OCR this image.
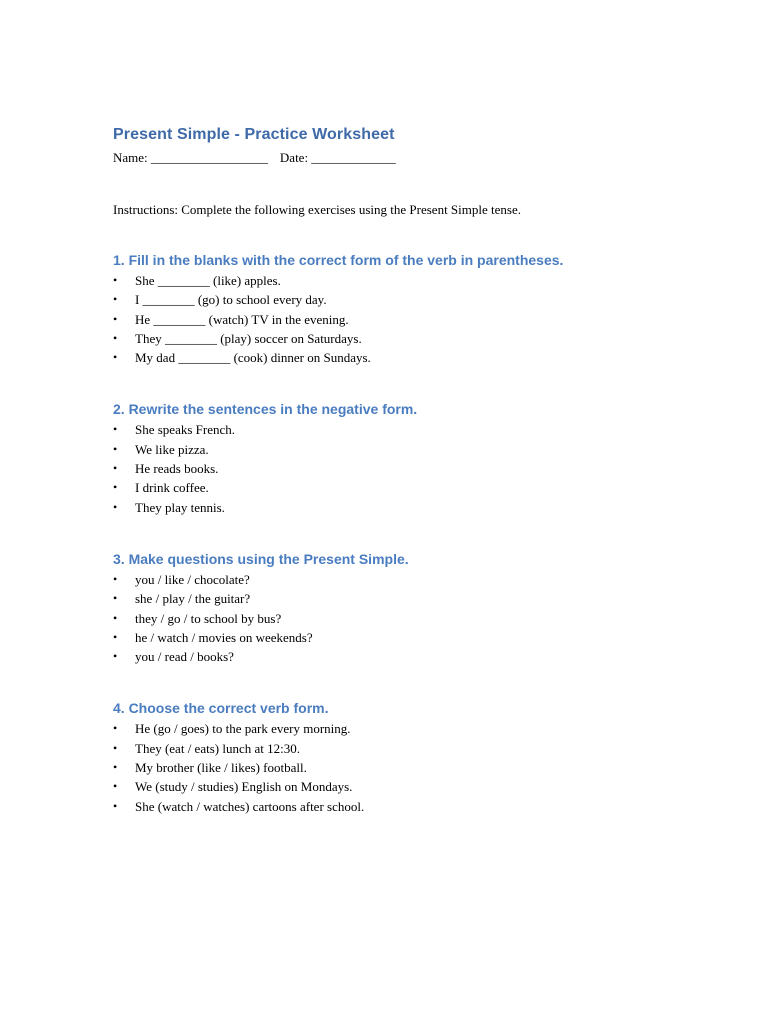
Present Simple - Practice Worksheet
Name: __________________ Date: _____________
Instructions: Complete the following exercises using the Present Simple tense.
1. Fill in the blanks with the correct form of the verb in parentheses.
•	She ________ (like) apples.
•	I ________ (go) to school every day.
•	He ________ (watch) TV in the evening.
•	They ________ (play) soccer on Saturdays.
•	My dad ________ (cook) dinner on Sundays.
2. Rewrite the sentences in the negative form.
•	She speaks French.
•	We like pizza.
•	He reads books.
•	I drink coffee.
•	They play tennis.
3. Make questions using the Present Simple.
•	you / like / chocolate?
•	she / play / the guitar?
•	they / go / to school by bus?
•	he / watch / movies on weekends?
•	you / read / books?
4. Choose the correct verb form.
•	He (go / goes) to the park every morning.
•	They (eat / eats) lunch at 12:30.
•	My brother (like / likes) football.
•	We (study / studies) English on Mondays.
•	She (watch / watches) cartoons after school.
